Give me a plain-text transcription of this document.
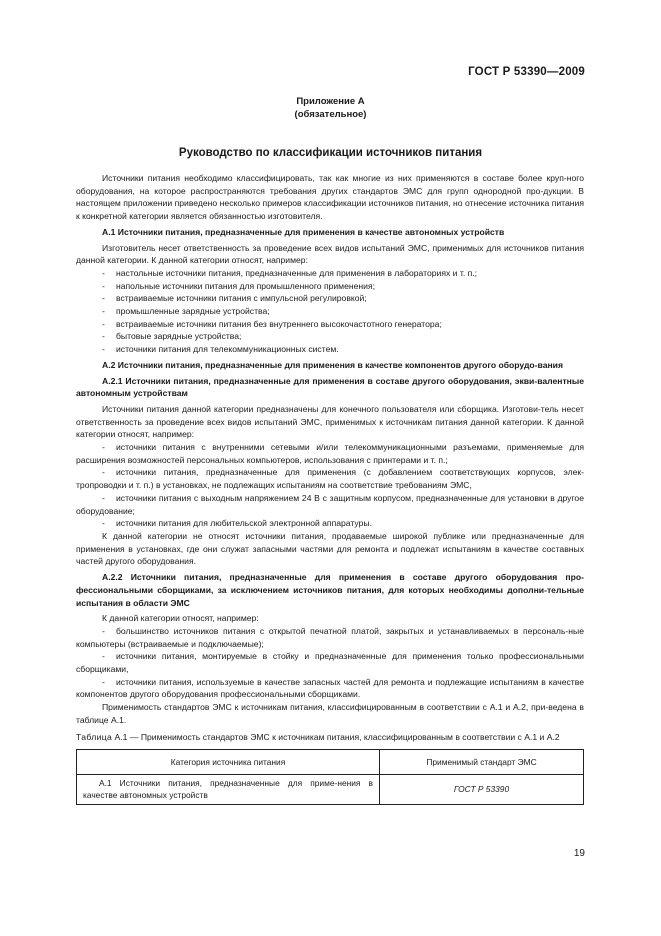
ГОСТ Р 53390—2009
Приложение А
(обязательное)
Руководство по классификации источников питания

Источники питания необходимо классифицировать, так как многие из них применяются в составе более круп-ного оборудования, на которое распространяются требования других стандартов ЭМС для групп однородной про-дукции. В настоящем приложении приведено несколько примеров классификации источников питания, но отнесение источника питания к конкретной категории является обязанностью изготовителя.

А.1 Источники питания, предназначенные для применения в качестве автономных устройств

Изготовитель несет ответственность за проведение всех видов испытаний ЭМС, применимых для источников питания данной категории. К данной категории относят, например:

- настольные источники питания, предназначенные для применения в лабораториях и т. п.;

- напольные источники питания для промышленного применения;

- встраиваемые источники питания с импульсной регулировкой;

- промышленные зарядные устройства;

- встраиваемые источники питания без внутреннего высокочастотного генератора;

- бытовые зарядные устройства;

- источники питания для телекоммуникационных систем.

А.2 Источники питания, предназначенные для применения в качестве компонентов другого оборудо-вания

А.2.1 Источники питания, предназначенные для применения в составе другого оборудования, экви-валентные автономным устройствам

Источники питания данной категории предназначены для конечного пользователя или сборщика. Изготови-тель несет ответственность за проведение всех видов испытаний ЭМС, применимых к источникам питания данной категории. К данной категории относят, например:

- источники питания с внутренними сетевыми и/или телекоммуникационными разъемами, применяемые для расширения возможностей персональных компьютеров, использования с принтерами и т. п.;

- источники питания, предназначенные для применения (с добавлением соответствующих корпусов, элек-тропроводки и т. п.) в установках, не подлежащих испытаниям на соответствие требованиям ЭМС,

- источники питания с выходным напряжением 24 В с защитным корпусом, предназначенные для установки в другое оборудование;

- источники питания для любительской электронной аппаратуры.

К данной категории не относят источники питания, продаваемые широкой публике или предназначенные для применения в установках, где они служат запасными частями для ремонта и подлежат испытаниям в качестве составных частей другого оборудования.

А.2.2 Источники питания, предназначенные для применения в составе другого оборудования про-фессиональными сборщиками, за исключением источников питания, для которых необходимы дополни-тельные испытания в области ЭМС

К данной категории относят, например:

- большинство источников питания с открытой печатной платой, закрытых и устанавливаемых в персональ-ные компьютеры (встраиваемые и подключаемые);

- источники питания, монтируемые в стойку и предназначенные для применения только профессиональными сборщиками,

- источники питания, используемые в качестве запасных частей для ремонта и подлежащие испытаниям в качестве компонентов другого оборудования профессиональными сборщиками.

Применимость стандартов ЭМС к источникам питания, классифицированным в соответствии с А.1 и А.2, при-ведена в таблице А.1.

Таблица А.1 — Применимость стандартов ЭМС к источникам питания, классифицированным в соответствии с А.1 и А.2

Категория источника питания	Применимый стандарт ЭМС
А.1 Источники питания, предназначенные для приме-нения в качестве автономных устройств	ГОСТ Р 53390
19
